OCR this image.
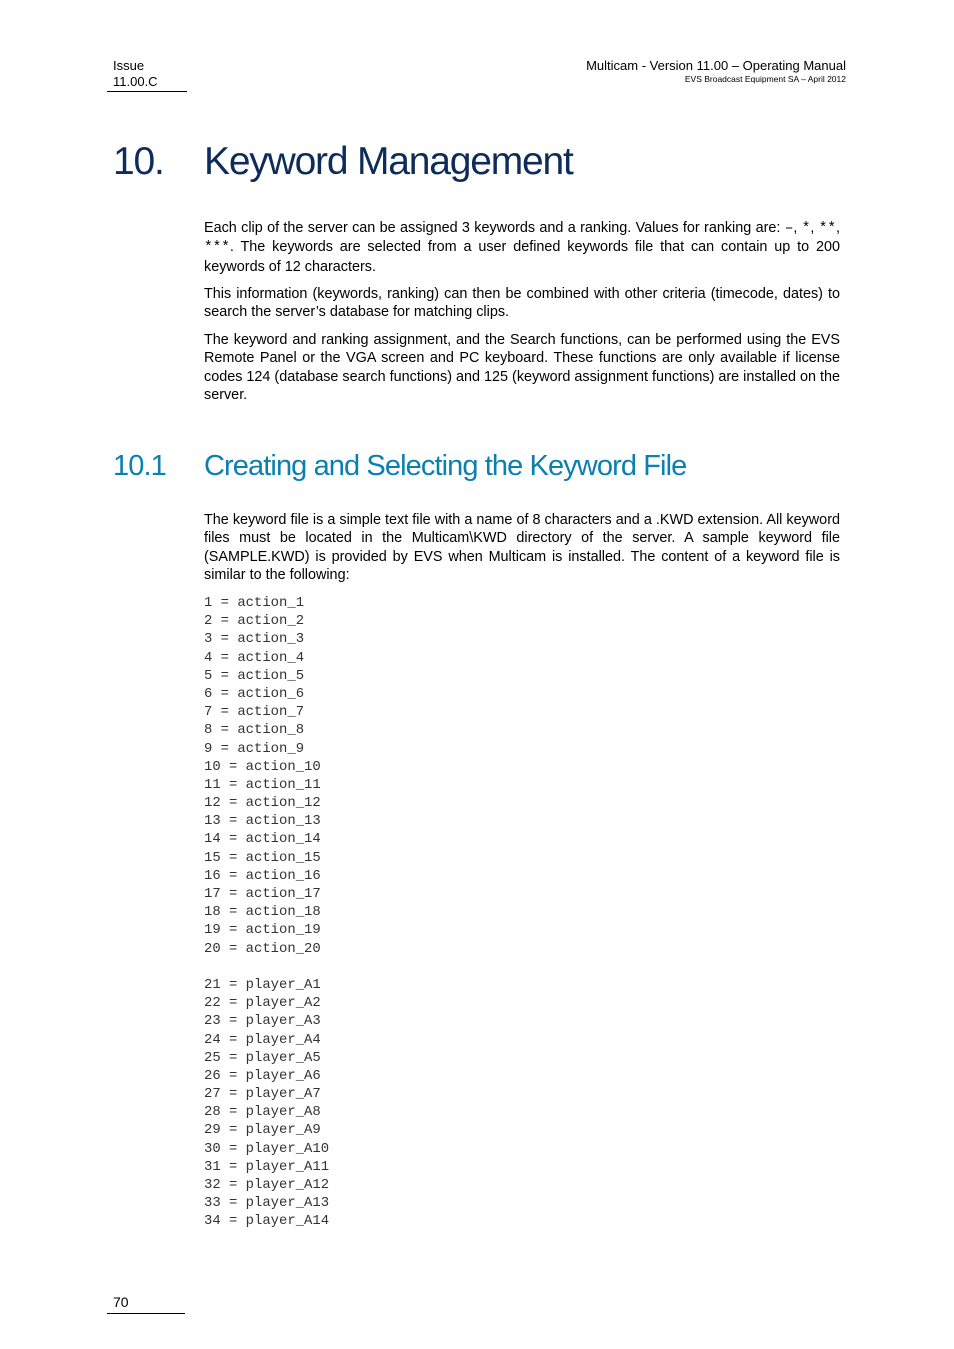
Issue
11.00.C
Multicam - Version 11.00 – Operating Manual
EVS Broadcast Equipment SA – April 2012
10. Keyword Management

Each clip of the server can be assigned 3 keywords and a ranking. Values for ranking are: –, *, **, ***. The keywords are selected from a user defined keywords file that can contain up to 200 keywords of 12 characters.

This information (keywords, ranking) can then be combined with other criteria (timecode, dates) to search the server’s database for matching clips.

The keyword and ranking assignment, and the Search functions, can be performed using the EVS Remote Panel or the VGA screen and PC keyboard. These functions are only available if license codes 124 (database search functions) and 125 (keyword assignment functions) are installed on the server.

10.1 Creating and Selecting the Keyword File

The keyword file is a simple text file with a name of 8 characters and a .KWD extension. All keyword files must be located in the Multicam\KWD directory of the server. A sample keyword file (SAMPLE.KWD) is provided by EVS when Multicam is installed. The content of a keyword file is similar to the following:

1 = action_1
2 = action_2
3 = action_3
4 = action_4
5 = action_5
6 = action_6
7 = action_7
8 = action_8
9 = action_9
10 = action_10
11 = action_11
12 = action_12
13 = action_13
14 = action_14
15 = action_15
16 = action_16
17 = action_17
18 = action_18
19 = action_19
20 = action_20
21 = player_A1
22 = player_A2
23 = player_A3
24 = player_A4
25 = player_A5
26 = player_A6
27 = player_A7
28 = player_A8
29 = player_A9
30 = player_A10
31 = player_A11
32 = player_A12
33 = player_A13
34 = player_A14
70
